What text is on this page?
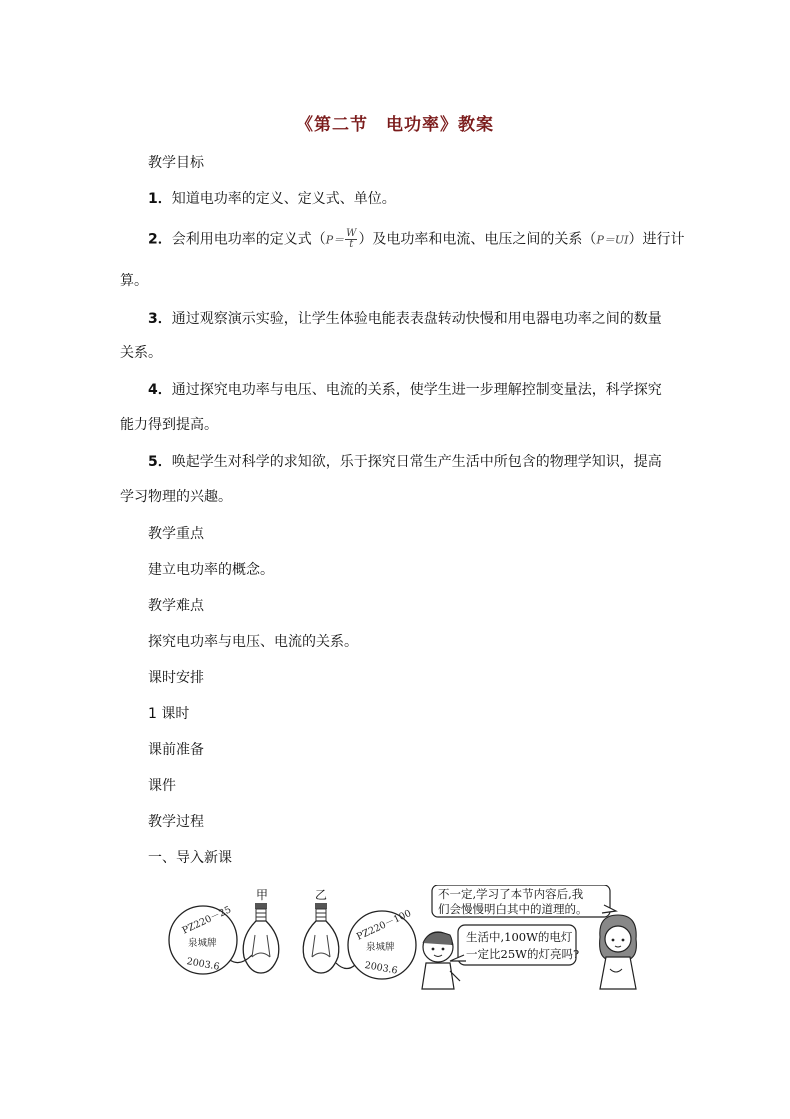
《第二节　电功率》教案
教学目标
1．知道电功率的定义、定义式、单位。
2．会利用电功率的定义式（$P= \frac{W}{t}$ ）及电功率和电流、电压之间的关系（P＝UI）进行计
算。
3．通过观察演示实验，让学生体验电能表表盘转动快慢和用电器电功率之间的数量
关系。
4．通过探究电功率与电压、电流的关系，使学生进一步理解控制变量法，科学探究
能力得到提高。
5．唤起学生对科学的求知欲，乐于探究日常生产生活中所包含的物理学知识，提高
学习物理的兴趣。
教学重点
建立电功率的概念。
教学难点
探究电功率与电压、电流的关系。
课时安排
1 课时
课前准备
课件
教学过程
一、导入新课
PZ220－25
泉城牌
2003.6
甲	乙
PZ220－100
泉城牌
2003.6
生活中,100W的电灯
一定比25W的灯亮吗?
不一定,学习了本节内容后,我
们会慢慢明白其中的道理的。
